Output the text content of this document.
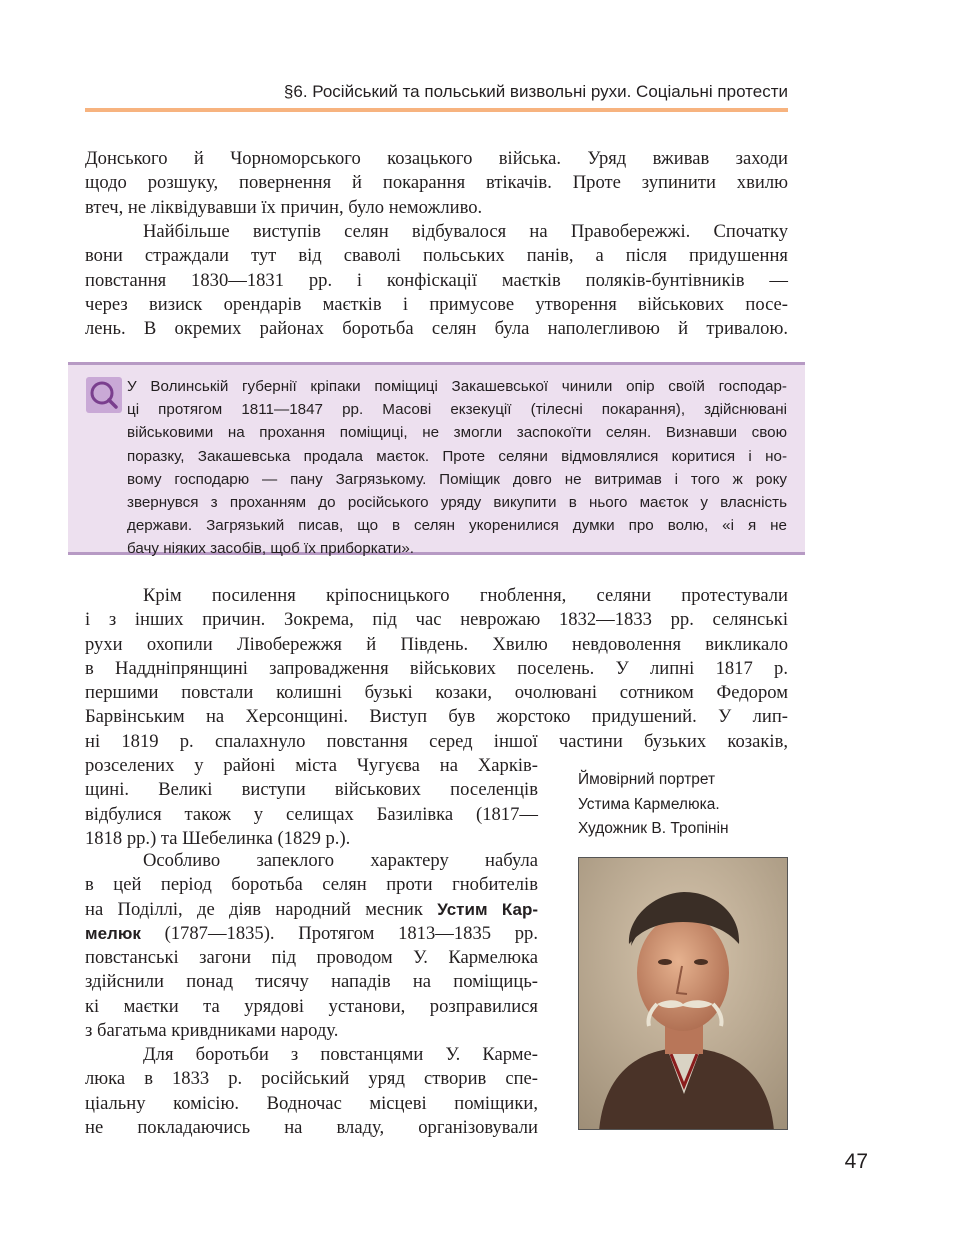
§6. Російський та польський визвольні рухи. Соціальні протести
Донського й Чорноморського козацького війська. Уряд вживав заходи
щодо розшуку, повернення й покарання втікачів. Проте зупинити хвилю
втеч, не ліквідувавши їх причин, було неможливо.
Найбільше виступів селян відбувалося на Правобережжі. Спочатку
вони страждали тут від сваволі польських панів, а після придушення
повстання 1830—1831 рр. і конфіскації маєтків поляків-бунтівників —
через визиск орендарів маєтків і примусове утворення військових посе-
лень. В окремих районах боротьба селян була наполегливою й тривалою.
У Волинській губернії кріпаки поміщиці Закашевської чинили опір своїй господар-
ці протягом 1811—1847 рр. Масові екзекуції (тілесні покарання), здійснювані
військовими на прохання поміщиці, не змогли заспокоїти селян. Визнавши свою
поразку, Закашевська продала маєток. Проте селяни відмовлялися коритися і но-
вому господарю — пану Загрязькому. Поміщик довго не витримав і того ж року
звернувся з проханням до російського уряду викупити в нього маєток у власність
держави. Загрязький писав, що в селян укоренилися думки про волю, «і я не
бачу ніяких засобів, щоб їх приборкати».
Крім посилення кріпосницького гноблення, селяни протестували
і з інших причин. Зокрема, під час неврожаю 1832—1833 рр. селянські
рухи охопили Лівобережжя й Південь. Хвилю невдоволення викликало
в Наддніпрянщині запровадження військових поселень. У липні 1817 р.
першими повстали колишні бузькі козаки, очолювані сотником Федором
Барвінським на Херсонщині. Виступ був жорстоко придушений. У лип-
ні 1819 р. спалахнуло повстання серед іншої частини бузьких козаків,
розселених у районі міста Чугуєва на Харків-
щині. Великі виступи військових поселенців
відбулися також у селищах Базилівка (1817—
1818 рр.) та Шебелинка (1829 р.).
Особливо запеклого характеру набула
в цей період боротьба селян проти гнобителів
на Поділлі, де діяв народний месник Устим Кар-
мелюк (1787—1835). Протягом 1813—1835 рр.
повстанські загони під проводом У. Кармелюка
здійснили понад тисячу нападів на поміщиць-
кі маєтки та урядові установи, розправилися
з багатьма кривдниками народу.
Для боротьби з повстанцями У. Карме-
люка в 1833 р. російський уряд створив спе-
ціальну комісію. Водночас місцеві поміщики,
не покладаючись на владу, організовували
Ймовірний портрет
Устима Кармелюка.
Художник В. Тропінін
47
